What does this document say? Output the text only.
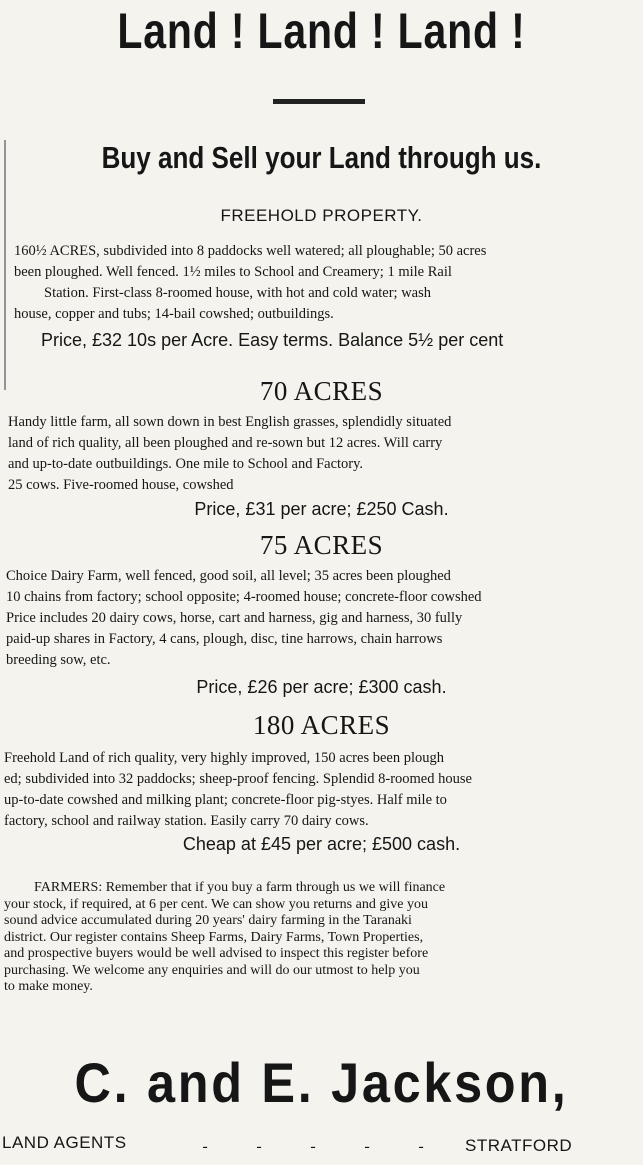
Land ! Land ! Land !
Buy and Sell your Land through us.
FREEHOLD PROPERTY.

160½ ACRES, subdivided into 8 paddocks well watered; all ploughable; 50 acres

been ploughed. Well fenced. 1½ miles to School and Creamery; 1 mile Rail

Station. First-class 8-roomed house, with hot and cold water; wash

house, copper and tubs; 14-bail cowshed; outbuildings.

Price, £32 10s per Acre. Easy terms. Balance 5½ per cent
70 ACRES

Handy little farm, all sown down in best English grasses, splendidly situated

land of rich quality, all been ploughed and re-sown but 12 acres. Will carry

and up-to-date outbuildings. One mile to School and Factory.

25 cows. Five-roomed house, cowshed

Price, £31 per acre; £250 Cash.
75 ACRES

Choice Dairy Farm, well fenced, good soil, all level; 35 acres been ploughed

10 chains from factory; school opposite; 4-roomed house; concrete-floor cowshed

Price includes 20 dairy cows, horse, cart and harness, gig and harness, 30 fully

paid-up shares in Factory, 4 cans, plough, disc, tine harrows, chain harrows

breeding sow, etc.

Price, £26 per acre; £300 cash.
180 ACRES

Freehold Land of rich quality, very highly improved, 150 acres been plough

ed; subdivided into 32 paddocks; sheep-proof fencing. Splendid 8-roomed house

up-to-date cowshed and milking plant; concrete-floor pig-styes. Half mile to

factory, school and railway station. Easily carry 70 dairy cows.

Cheap at £45 per acre; £500 cash.

FARMERS: Remember that if you buy a farm through us we will finance

your stock, if required, at 6 per cent. We can show you returns and give you

sound advice accumulated during 20 years' dairy farming in the Taranaki

district. Our register contains Sheep Farms, Dairy Farms, Town Properties,

and prospective buyers would be well advised to inspect this register before

purchasing. We welcome any enquiries and will do our utmost to help you

to make money.

C. and E. Jackson,
LAND AGENTS	-	-	-	-	-	STRATFORD
